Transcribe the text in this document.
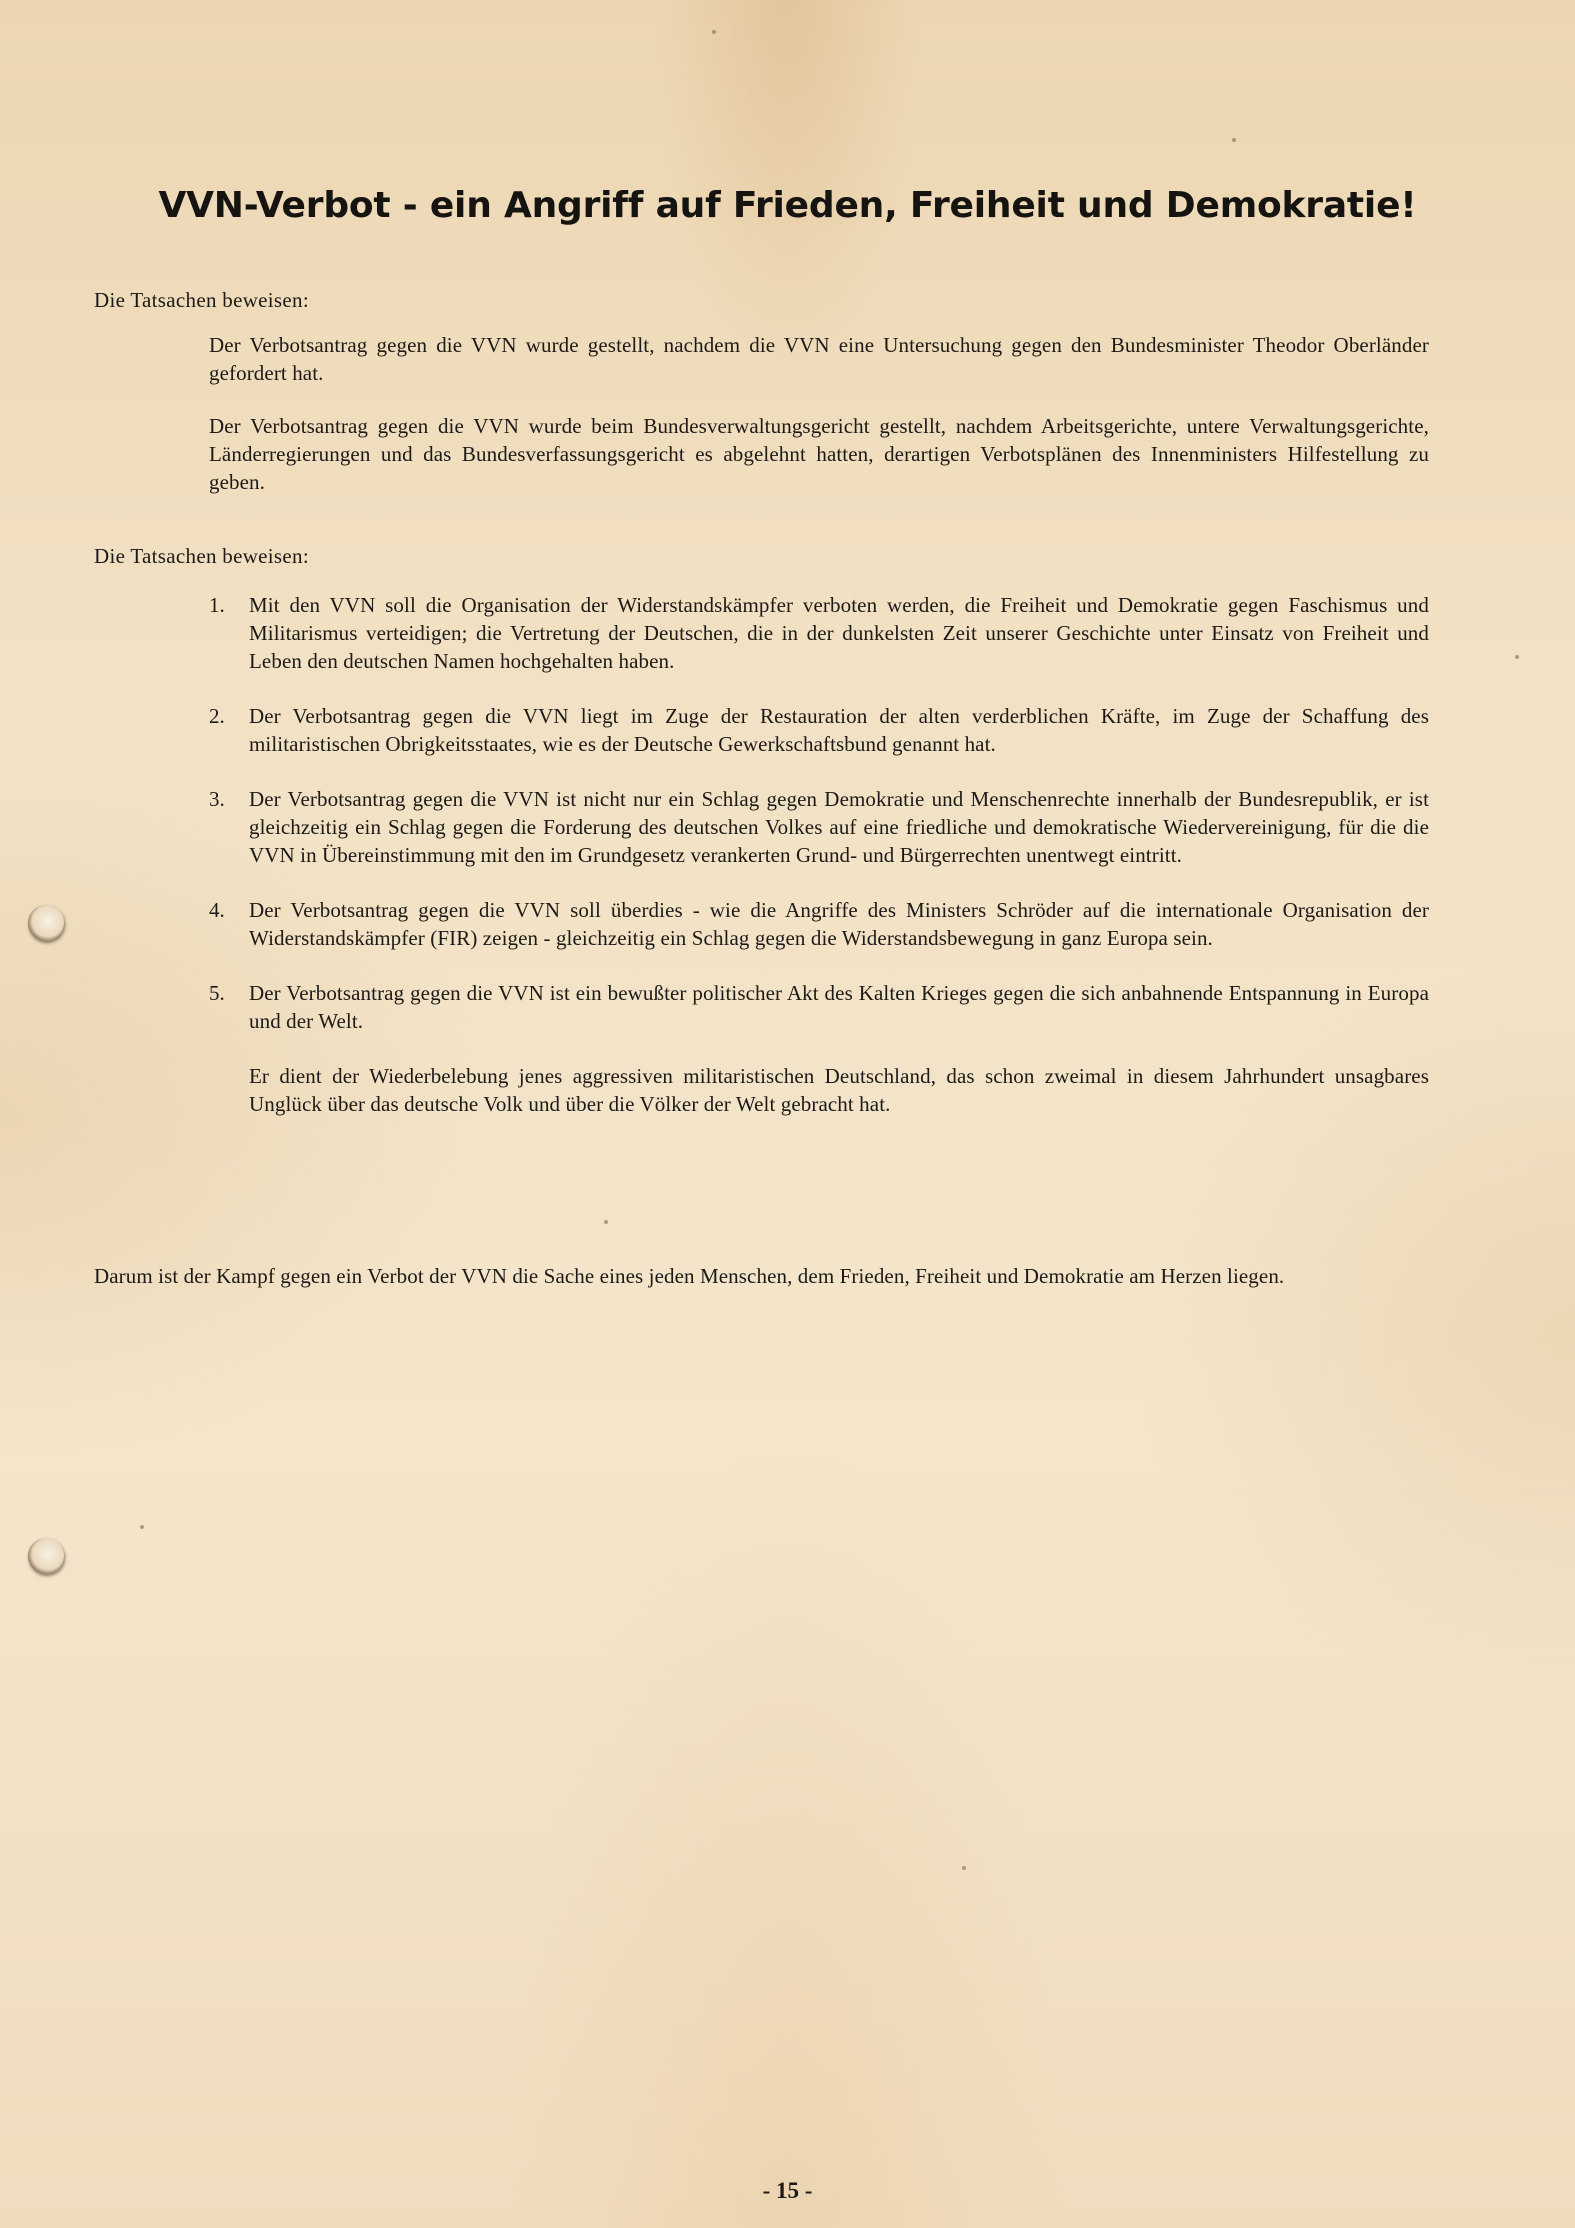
VVN-Verbot - ein Angriff auf Frieden, Freiheit und Demokratie!

Die Tatsachen beweisen:

Der Verbotsantrag gegen die VVN wurde gestellt, nachdem die VVN eine Untersuchung gegen den Bundesminister Theodor Oberländer gefordert hat.

Der Verbotsantrag gegen die VVN wurde beim Bundesverwaltungsgericht gestellt, nachdem Arbeitsgerichte, untere Verwaltungsgerichte, Länderregierungen und das Bundesverfassungsgericht es abgelehnt hatten, derartigen Verbotsplänen des Innenministers Hilfestellung zu geben.

Die Tatsachen beweisen:

1. Mit den VVN soll die Organisation der Widerstandskämpfer verboten werden, die Freiheit und Demokratie gegen Faschismus und Militarismus verteidigen; die Vertretung der Deutschen, die in der dunkelsten Zeit unserer Geschichte unter Einsatz von Freiheit und Leben den deutschen Namen hochgehalten haben.

2. Der Verbotsantrag gegen die VVN liegt im Zuge der Restauration der alten verderblichen Kräfte, im Zuge der Schaffung des militaristischen Obrigkeitsstaates, wie es der Deutsche Gewerkschaftsbund genannt hat.

3. Der Verbotsantrag gegen die VVN ist nicht nur ein Schlag gegen Demokratie und Menschenrechte innerhalb der Bundesrepublik, er ist gleichzeitig ein Schlag gegen die Forderung des deutschen Volkes auf eine friedliche und demokratische Wiedervereinigung, für die die VVN in Übereinstimmung mit den im Grundgesetz verankerten Grund- und Bürgerrechten unentwegt eintritt.

4. Der Verbotsantrag gegen die VVN soll überdies - wie die Angriffe des Ministers Schröder auf die internationale Organisation der Widerstandskämpfer (FIR) zeigen - gleichzeitig ein Schlag gegen die Widerstandsbewegung in ganz Europa sein.

5. Der Verbotsantrag gegen die VVN ist ein bewußter politischer Akt des Kalten Krieges gegen die sich anbahnende Entspannung in Europa und der Welt.

Er dient der Wiederbelebung jenes aggressiven militaristischen Deutschland, das schon zweimal in diesem Jahrhundert unsagbares Unglück über das deutsche Volk und über die Völker der Welt gebracht hat.

Darum ist der Kampf gegen ein Verbot der VVN die Sache eines jeden Menschen, dem Frieden, Freiheit und Demokratie am Herzen liegen.

- 15 -
